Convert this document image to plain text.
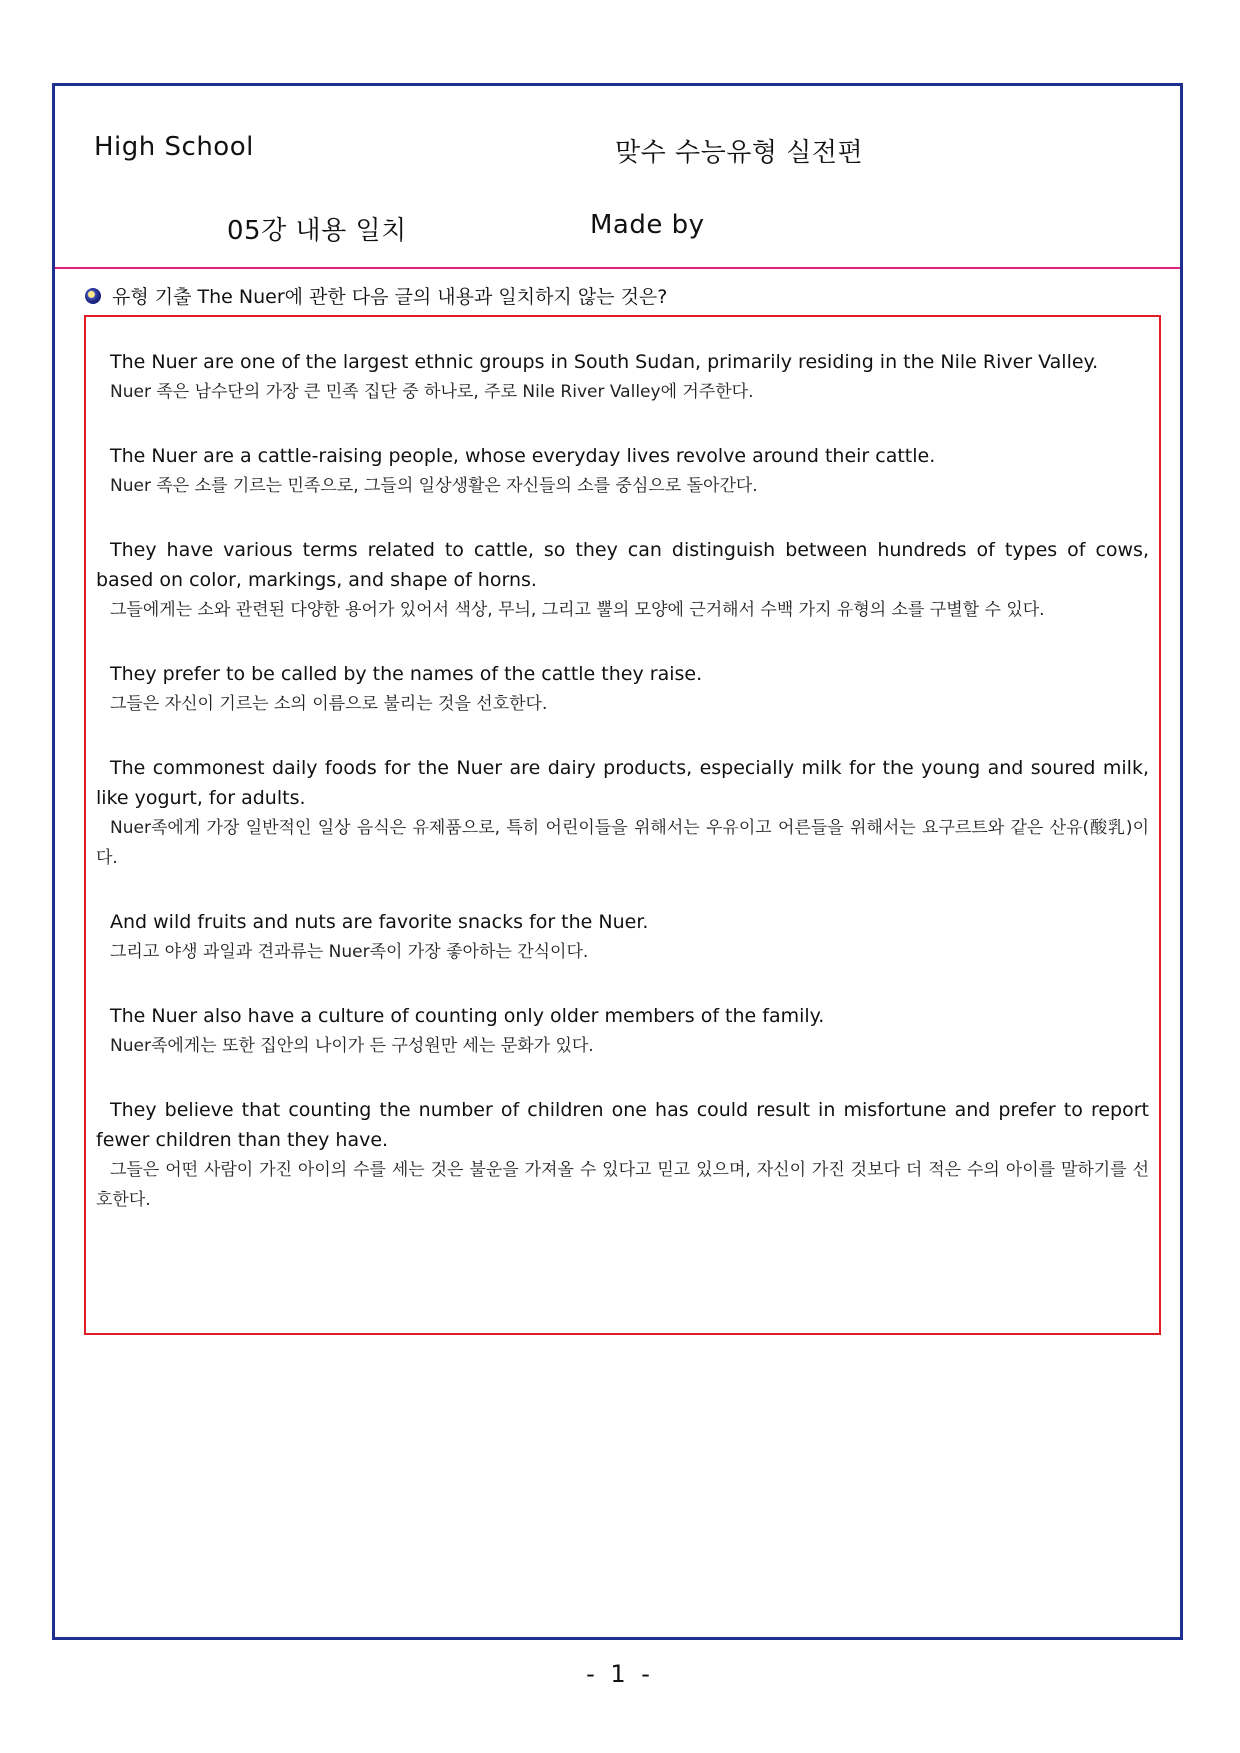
High School	맞수 수능유형 실전편
05강 내용 일치	Made by
유형 기출 The Nuer에 관한 다음 글의 내용과 일치하지 않는 것은?

The Nuer are one of the largest ethnic groups in South Sudan, primarily residing in the Nile River Valley.

Nuer 족은 남수단의 가장 큰 민족 집단 중 하나로, 주로 Nile River Valley에 거주한다.

The Nuer are a cattle-raising people, whose everyday lives revolve around their cattle.

Nuer 족은 소를 기르는 민족으로, 그들의 일상생활은 자신들의 소를 중심으로 돌아간다.

They have various terms related to cattle, so they can distinguish between hundreds of types of cows, based on color, markings, and shape of horns.

그들에게는 소와 관련된 다양한 용어가 있어서 색상, 무늬, 그리고 뿔의 모양에 근거해서 수백 가지 유형의 소를 구별할 수 있다.

They prefer to be called by the names of the cattle they raise.

그들은 자신이 기르는 소의 이름으로 불리는 것을 선호한다.

The commonest daily foods for the Nuer are dairy products, especially milk for the young and soured milk, like yogurt, for adults.

Nuer족에게 가장 일반적인 일상 음식은 유제품으로, 특히 어린이들을 위해서는 우유이고 어른들을 위해서는 요구르트와 같은 산유(酸乳)이다.

And wild fruits and nuts are favorite snacks for the Nuer.

그리고 야생 과일과 견과류는 Nuer족이 가장 좋아하는 간식이다.

The Nuer also have a culture of counting only older members of the family.

Nuer족에게는 또한 집안의 나이가 든 구성원만 세는 문화가 있다.

They believe that counting the number of children one has could result in misfortune and prefer to report fewer children than they have.

그들은 어떤 사람이 가진 아이의 수를 세는 것은 불운을 가져올 수 있다고 믿고 있으며, 자신이 가진 것보다 더 적은 수의 아이를 말하기를 선호한다.

- 1 -
